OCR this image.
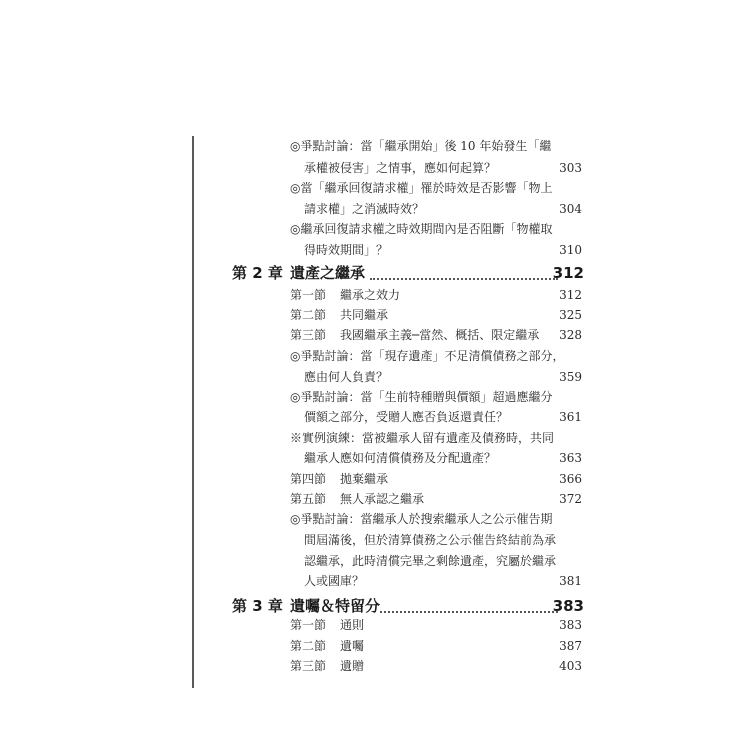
◎爭點討論：當「繼承開始」後 10 年始發生「繼
承權被侵害」之情事，應如何起算？	303
◎當「繼承回復請求權」罹於時效是否影響「物上
請求權」之消滅時效？	304
◎繼承回復請求權之時效期間內是否阻斷「物權取
得時效期間」？	310
第 2 章 遺產之繼承	312
第一節 繼承之效力	312
第二節 共同繼承	325
第三節 我國繼承主義─當然、概括、限定繼承	328
◎爭點討論：當「現存遺產」不足清償債務之部分，
應由何人負責？	359
◎爭點討論：當「生前特種贈與價額」超過應繼分
價額之部分，受贈人應否負返還責任？	361
※實例演練：當被繼承人留有遺產及債務時，共同
繼承人應如何清償債務及分配遺產？	363
第四節 拋棄繼承	366
第五節 無人承認之繼承	372
◎爭點討論：當繼承人於搜索繼承人之公示催告期
間屆滿後，但於清算債務之公示催告終結前為承
認繼承，此時清償完畢之剩餘遺產，究屬於繼承
人或國庫？	381
第 3 章 遺囑＆特留分	383
第一節 通則	383
第二節 遺囑	387
第三節 遺贈	403
